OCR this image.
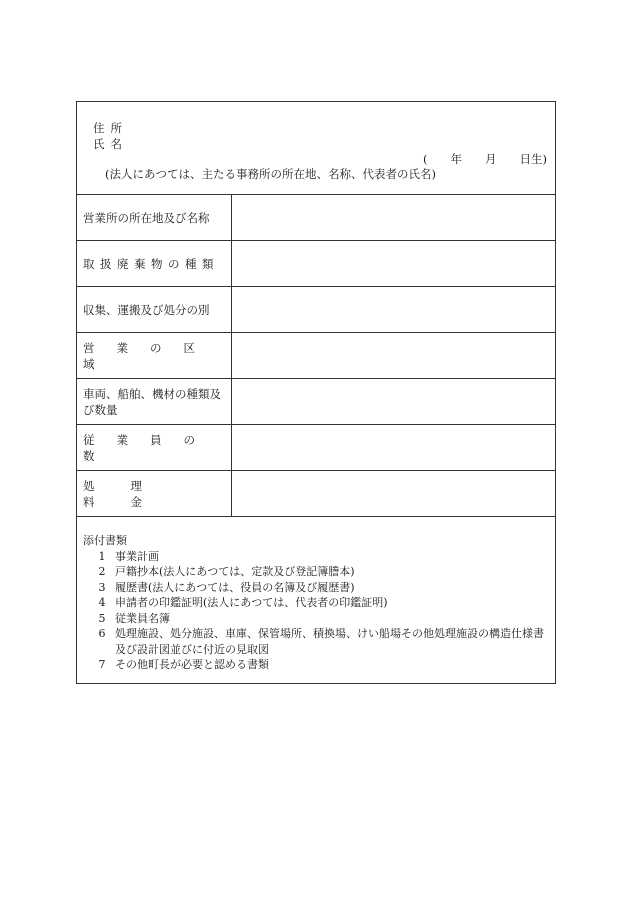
住所
氏名
(　　年　　月　　日生)
(法人にあつては、主たる事務所の所在地、名称、代表者の氏名)
営業所の所在地及び名称
取扱廃棄物の種類
収集、運搬及び処分の別
営業の区域
車両、船舶、機材の種類及び数量
従業員の数
処理料金
添付書類
1 事業計画
2 戸籍抄本(法人にあつては、定款及び登記簿謄本)
3 履歴書(法人にあつては、役員の名簿及び履歴書)
4 申請者の印鑑証明(法人にあつては、代表者の印鑑証明)
5 従業員名簿
6 処理施設、処分施設、車庫、保管場所、積換場、けい船場その他処理施設の構造仕様書及び設計図並びに付近の見取図
7 その他町長が必要と認める書類
